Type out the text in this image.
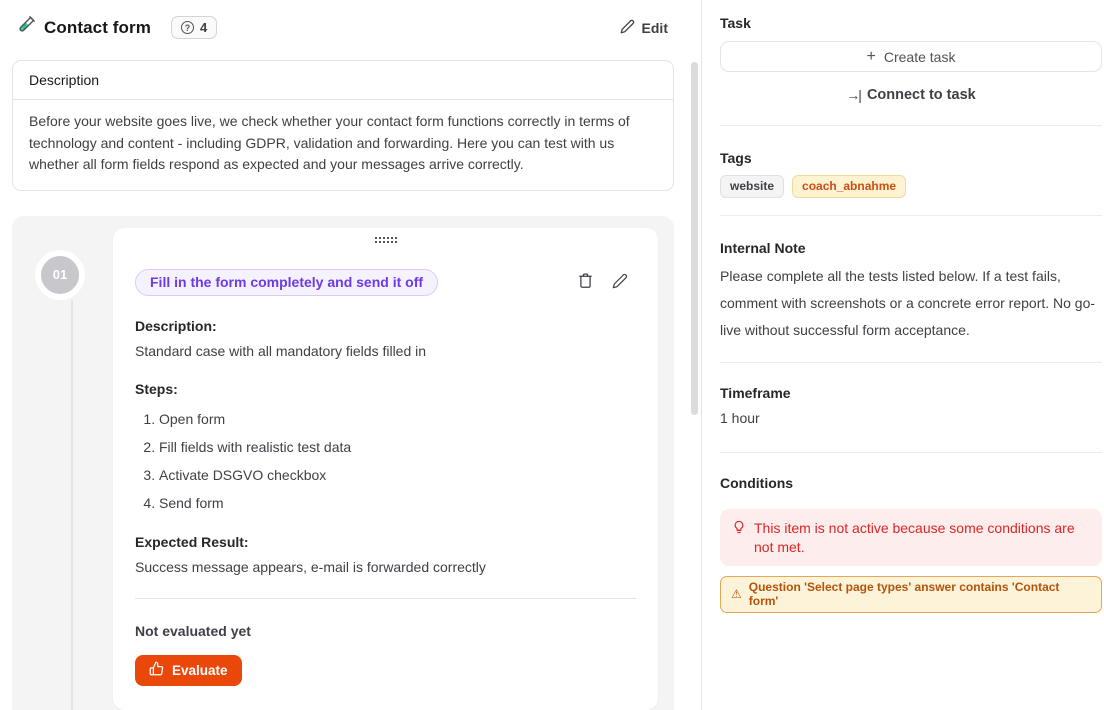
Contact form	? 4	Edit
Description
Before your website goes live, we check whether your contact form functions correctly in terms of technology and content - including GDPR, validation and forwarding. Here you can test with us whether all form fields respond as expected and your messages arrive correctly.
01	Fill in the form completely and send it off
Description:
Standard case with all mandatory fields filled in
Steps:
1. Open form
2. Fill fields with realistic test data
3. Activate DSGVO checkbox
4. Send form
Expected Result:
Success message appears, e-mail is forwarded correctly
Not evaluated yet
Evaluate
Task
+ Create task
→| Connect to task
Tags
website	coach_abnahme
Internal Note
Please complete all the tests listed below. If a test fails, comment with screenshots or a concrete error report. No go-live without successful form acceptance.
Timeframe
1 hour
Conditions
This item is not active because some conditions are not met.
⚠ Question 'Select page types' answer contains 'Contact form'
